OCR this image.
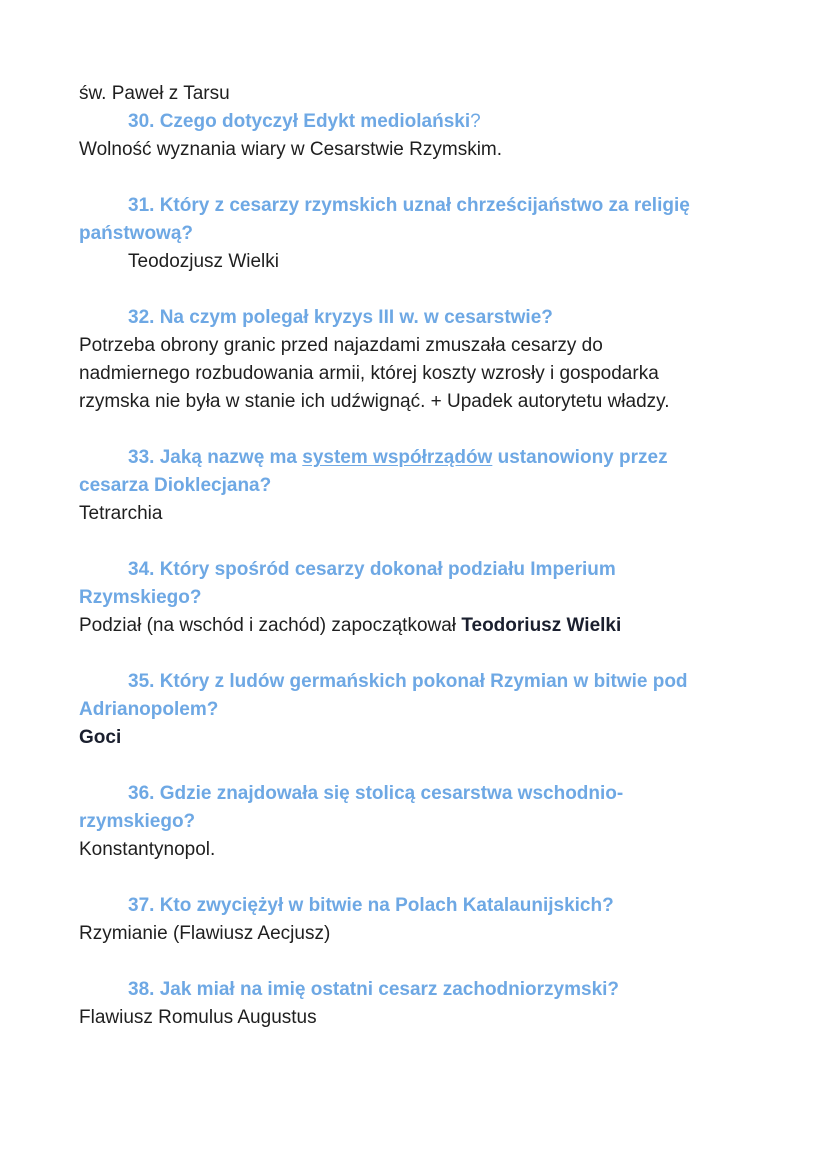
św. Paweł z Tarsu
30. Czego dotyczył Edykt mediolański?
Wolność wyznania wiary w Cesarstwie Rzymskim.
31. Który z cesarzy rzymskich uznał chrześcijaństwo za religię
państwową?
Teodozjusz Wielki
32. Na czym polegał kryzys III w. w cesarstwie?
Potrzeba obrony granic przed najazdami zmuszała cesarzy do
nadmiernego rozbudowania armii, której koszty wzrosły i gospodarka
rzymska nie była w stanie ich udźwignąć. + Upadek autorytetu władzy.
33. Jaką nazwę ma system współrządów ustanowiony przez
cesarza Dioklecjana?
Tetrarchia
34. Który spośród cesarzy dokonał podziału Imperium
Rzymskiego?
Podział (na wschód i zachód) zapoczątkował Teodoriusz Wielki
35. Który z ludów germańskich pokonał Rzymian w bitwie pod
Adrianopolem?
Goci
36. Gdzie znajdowała się stolicą cesarstwa wschodnio-
rzymskiego?
Konstantynopol.
37. Kto zwyciężył w bitwie na Polach Katalaunijskich?
Rzymianie (Flawiusz Aecjusz)
38. Jak miał na imię ostatni cesarz zachodniorzymski?
Flawiusz Romulus Augustus
